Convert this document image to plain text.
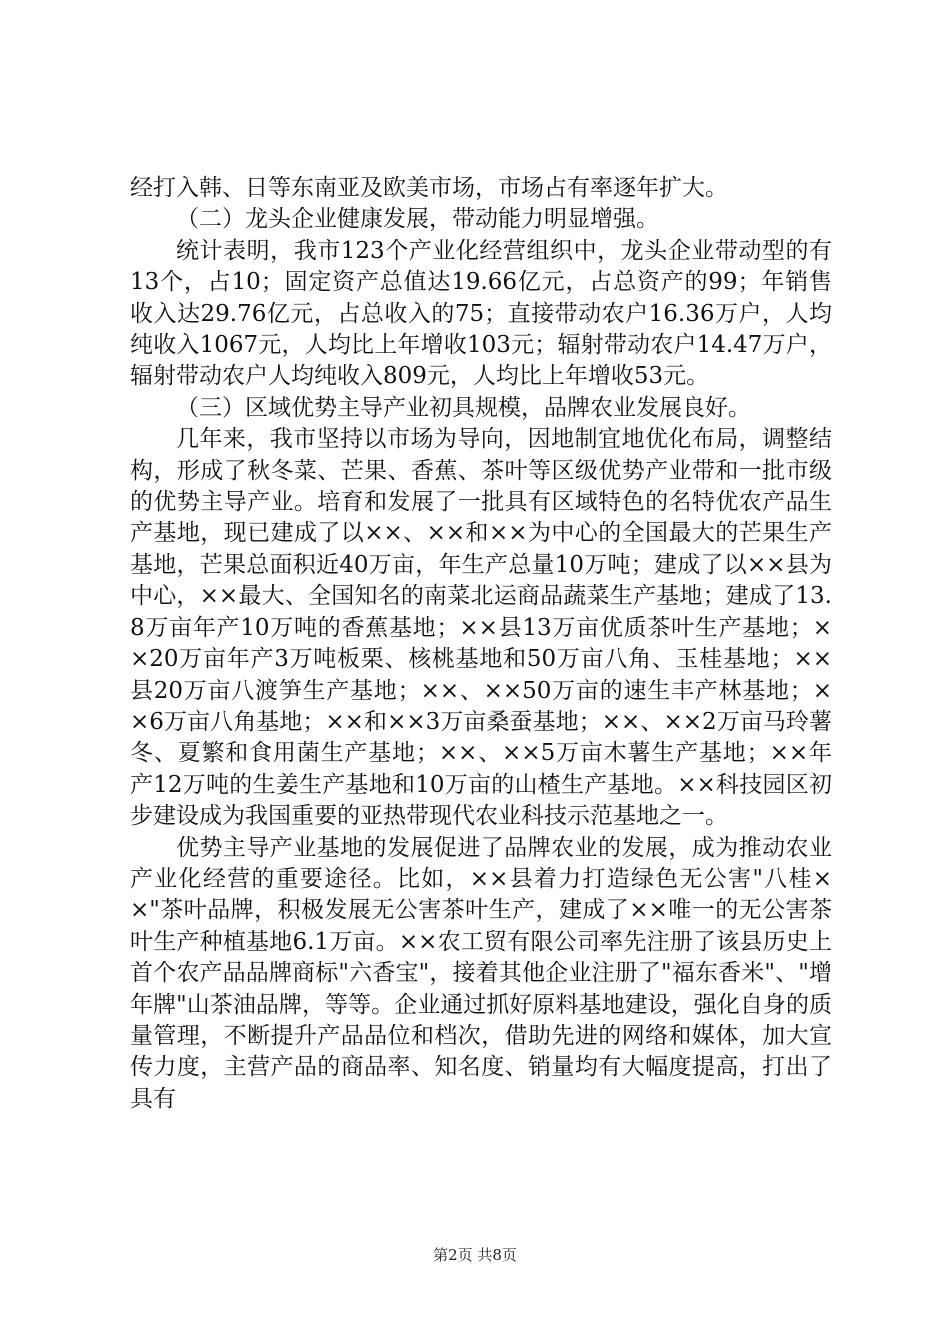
经打入韩、日等东南亚及欧美市场，市场占有率逐年扩大。

（二）龙头企业健康发展，带动能力明显增强。

统计表明，我市123个产业化经营组织中，龙头企业带动型的有13个，占10；固定资产总值达19.66亿元，占总资产的99；年销售收入达29.76亿元，占总收入的75；直接带动农户16.36万户，人均纯收入1067元，人均比上年增收103元；辐射带动农户14.47万户，辐射带动农户人均纯收入809元，人均比上年增收53元。

（三）区域优势主导产业初具规模，品牌农业发展良好。

几年来，我市坚持以市场为导向，因地制宜地优化布局，调整结构，形成了秋冬菜、芒果、香蕉、茶叶等区级优势产业带和一批市级的优势主导产业。培育和发展了一批具有区域特色的名特优农产品生产基地，现已建成了以××、××和××为中心的全国最大的芒果生产基地，芒果总面积近40万亩，年生产总量10万吨；建成了以××县为中心，××最大、全国知名的南菜北运商品蔬菜生产基地；建成了13.8万亩年产10万吨的香蕉基地；××县13万亩优质茶叶生产基地；××20万亩年产3万吨板栗、核桃基地和50万亩八角、玉桂基地；××县20万亩八渡笋生产基地；××、××50万亩的速生丰产林基地；××6万亩八角基地；××和××3万亩桑蚕基地；××、××2万亩马玲薯冬、夏繁和食用菌生产基地；××、××5万亩木薯生产基地；××年产12万吨的生姜生产基地和10万亩的山楂生产基地。××科技园区初步建设成为我国重要的亚热带现代农业科技示范基地之一。

优势主导产业基地的发展促进了品牌农业的发展，成为推动农业产业化经营的重要途径。比如，××县着力打造绿色无公害"八桂××"茶叶品牌，积极发展无公害茶叶生产，建成了××唯一的无公害茶叶生产种植基地6.1万亩。××农工贸有限公司率先注册了该县历史上首个农产品品牌商标"六香宝"，接着其他企业注册了"福东香米"、"增年牌"山茶油品牌，等等。企业通过抓好原料基地建设，强化自身的质量管理，不断提升产品品位和档次，借助先进的网络和媒体，加大宣传力度，主营产品的商品率、知名度、销量均有大幅度提高，打出了具有

第2页 共8页
